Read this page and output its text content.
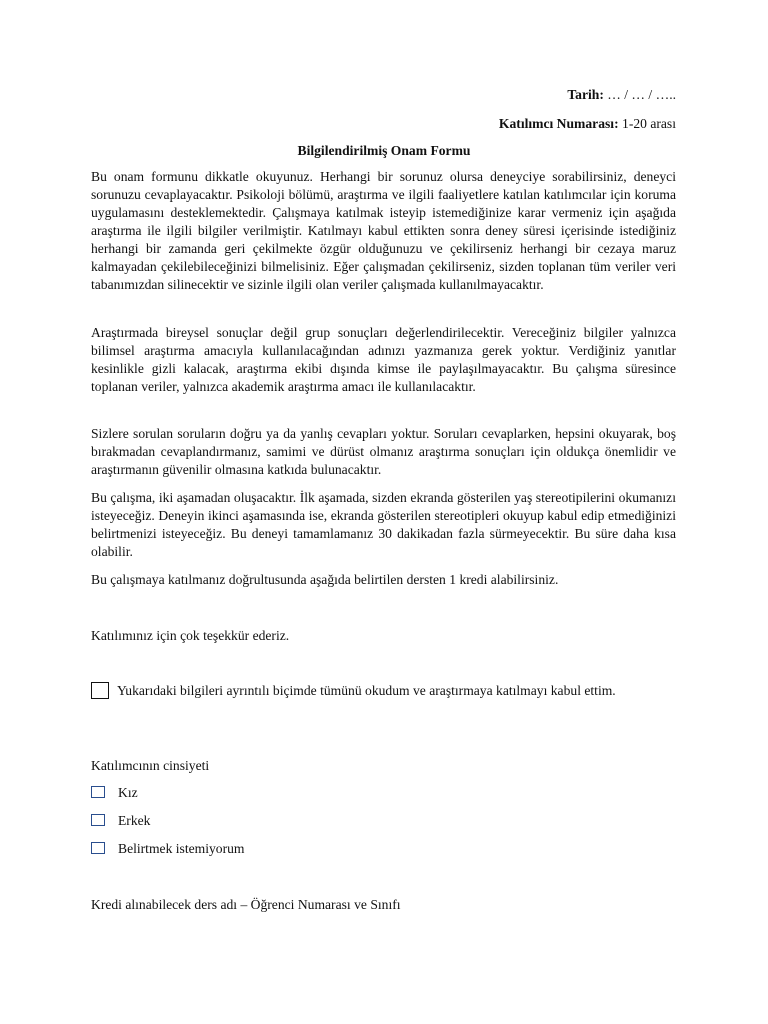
Tarih: … / … / …..
Katılımcı Numarası: 1-20 arası
Bilgilendirilmiş Onam Formu

Bu onam formunu dikkatle okuyunuz. Herhangi bir sorunuz olursa deneyciye sorabilirsiniz, deneyci sorunuzu cevaplayacaktır. Psikoloji bölümü, araştırma ve ilgili faaliyetlere katılan katılımcılar için koruma uygulamasını desteklemektedir. Çalışmaya katılmak isteyip istemediğinize karar vermeniz için aşağıda araştırma ile ilgili bilgiler verilmiştir. Katılmayı kabul ettikten sonra deney süresi içerisinde istediğiniz herhangi bir zamanda geri çekilmekte özgür olduğunuzu ve çekilirseniz herhangi bir cezaya maruz kalmayadan çekilebileceğinizi bilmelisiniz. Eğer çalışmadan çekilirseniz, sizden toplanan tüm veriler veri tabanımızdan silinecektir ve sizinle ilgili olan veriler çalışmada kullanılmayacaktır.

Araştırmada bireysel sonuçlar değil grup sonuçları değerlendirilecektir. Vereceğiniz bilgiler yalnızca bilimsel araştırma amacıyla kullanılacağından adınızı yazmanıza gerek yoktur. Verdiğiniz yanıtlar kesinlikle gizli kalacak, araştırma ekibi dışında kimse ile paylaşılmayacaktır. Bu çalışma süresince toplanan veriler, yalnızca akademik araştırma amacı ile kullanılacaktır.

Sizlere sorulan soruların doğru ya da yanlış cevapları yoktur. Soruları cevaplarken, hepsini okuyarak, boş bırakmadan cevaplandırmanız, samimi ve dürüst olmanız araştırma sonuçları için oldukça önemlidir ve araştırmanın güvenilir olmasına katkıda bulunacaktır.

Bu çalışma, iki aşamadan oluşacaktır. İlk aşamada, sizden ekranda gösterilen yaş stereotipilerini okumanızı isteyeceğiz. Deneyin ikinci aşamasında ise, ekranda gösterilen stereotipleri okuyup kabul edip etmediğinizi belirtmenizi isteyeceğiz. Bu deneyi tamamlamanız 30 dakikadan fazla sürmeyecektir. Bu süre daha kısa olabilir.

Bu çalışmaya katılmanız doğrultusunda aşağıda belirtilen dersten 1 kredi alabilirsiniz.

Katılımınız için çok teşekkür ederiz.

Yukarıdaki bilgileri ayrıntılı biçimde tümünü okudum ve araştırmaya katılmayı kabul ettim.
Katılımcının cinsiyeti
Kız
Erkek
Belirtmek istemiyorum
Kredi alınabilecek ders adı – Öğrenci Numarası ve Sınıfı
